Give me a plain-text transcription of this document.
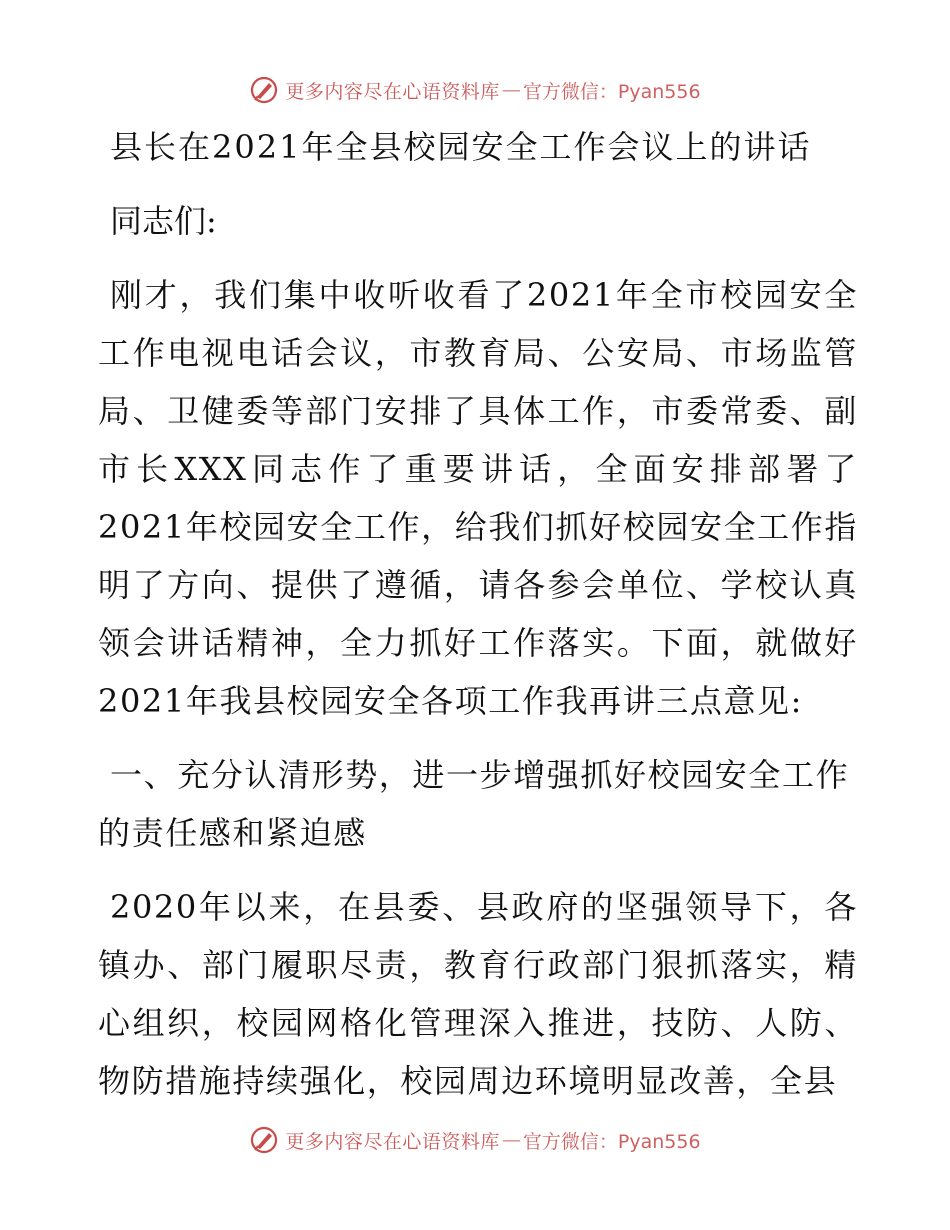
更多内容尽在心语资料库 — 官方微信：Pyan556
县长在2021年全县校园安全工作会议上的讲话
同志们:
刚才，我们集中收听收看了2021年全市校园安全工作电视电话会议，市教育局、公安局、市场监管局、卫健委等部门安排了具体工作，市委常委、副市长XXX同志作了重要讲话，全面安排部署了2021年校园安全工作，给我们抓好校园安全工作指明了方向、提供了遵循，请各参会单位、学校认真领会讲话精神，全力抓好工作落实。下面，就做好2021年我县校园安全各项工作我再讲三点意见:
一、充分认清形势，进一步增强抓好校园安全工作的责任感和紧迫感
2020年以来，在县委、县政府的坚强领导下，各镇办、部门履职尽责，教育行政部门狠抓落实，精心组织，校园网格化管理深入推进，技防、人防、物防措施持续强化，校园周边环境明显改善，全县
更多内容尽在心语资料库 — 官方微信：Pyan556
